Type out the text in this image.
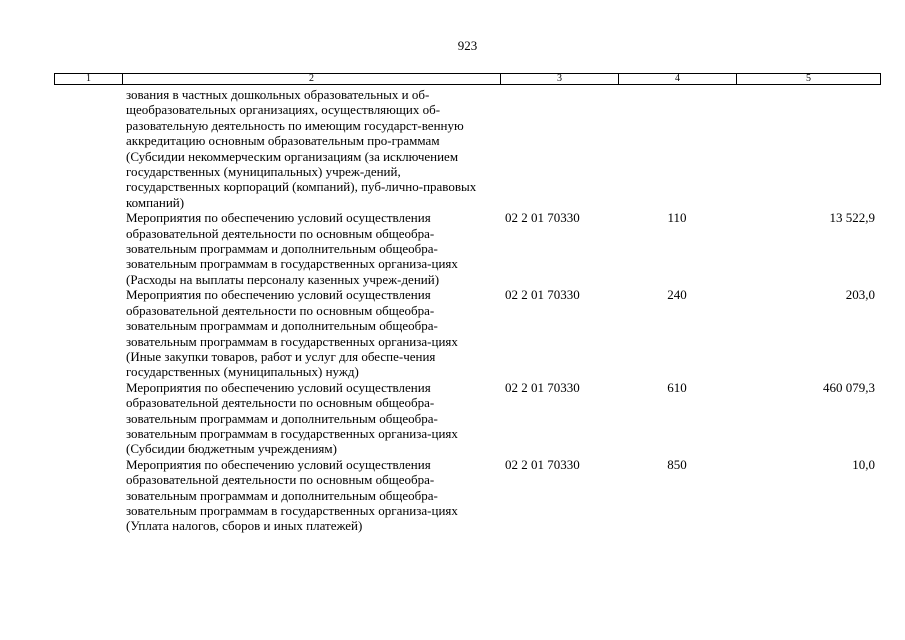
923
1	2	3	4	5
	зования в частных дошкольных образовательных и об-щеобразовательных организациях, осуществляющих об-разовательную деятельность по имеющим государст-венную аккредитацию основным образовательным про-граммам (Субсидии некоммерческим организациям (за исключением государственных (муниципальных) учреж-дений, государственных корпораций (компаний), пуб-лично-правовых компаний)			
	Мероприятия по обеспечению условий осуществления образовательной деятельности по основным общеобра-зовательным программам и дополнительным общеобра-зовательным программам в государственных организа-циях (Расходы на выплаты персоналу казенных учреж-дений)	02 2 01 70330	110	13 522,9
	Мероприятия по обеспечению условий осуществления образовательной деятельности по основным общеобра-зовательным программам и дополнительным общеобра-зовательным программам в государственных организа-циях (Иные закупки товаров, работ и услуг для обеспе-чения государственных (муниципальных) нужд)	02 2 01 70330	240	203,0
	Мероприятия по обеспечению условий осуществления образовательной деятельности по основным общеобра-зовательным программам и дополнительным общеобра-зовательным программам в государственных организа-циях (Субсидии бюджетным учреждениям)	02 2 01 70330	610	460 079,3
	Мероприятия по обеспечению условий осуществления образовательной деятельности по основным общеобра-зовательным программам и дополнительным общеобра-зовательным программам в государственных организа-циях (Уплата налогов, сборов и иных платежей)	02 2 01 70330	850	10,0
